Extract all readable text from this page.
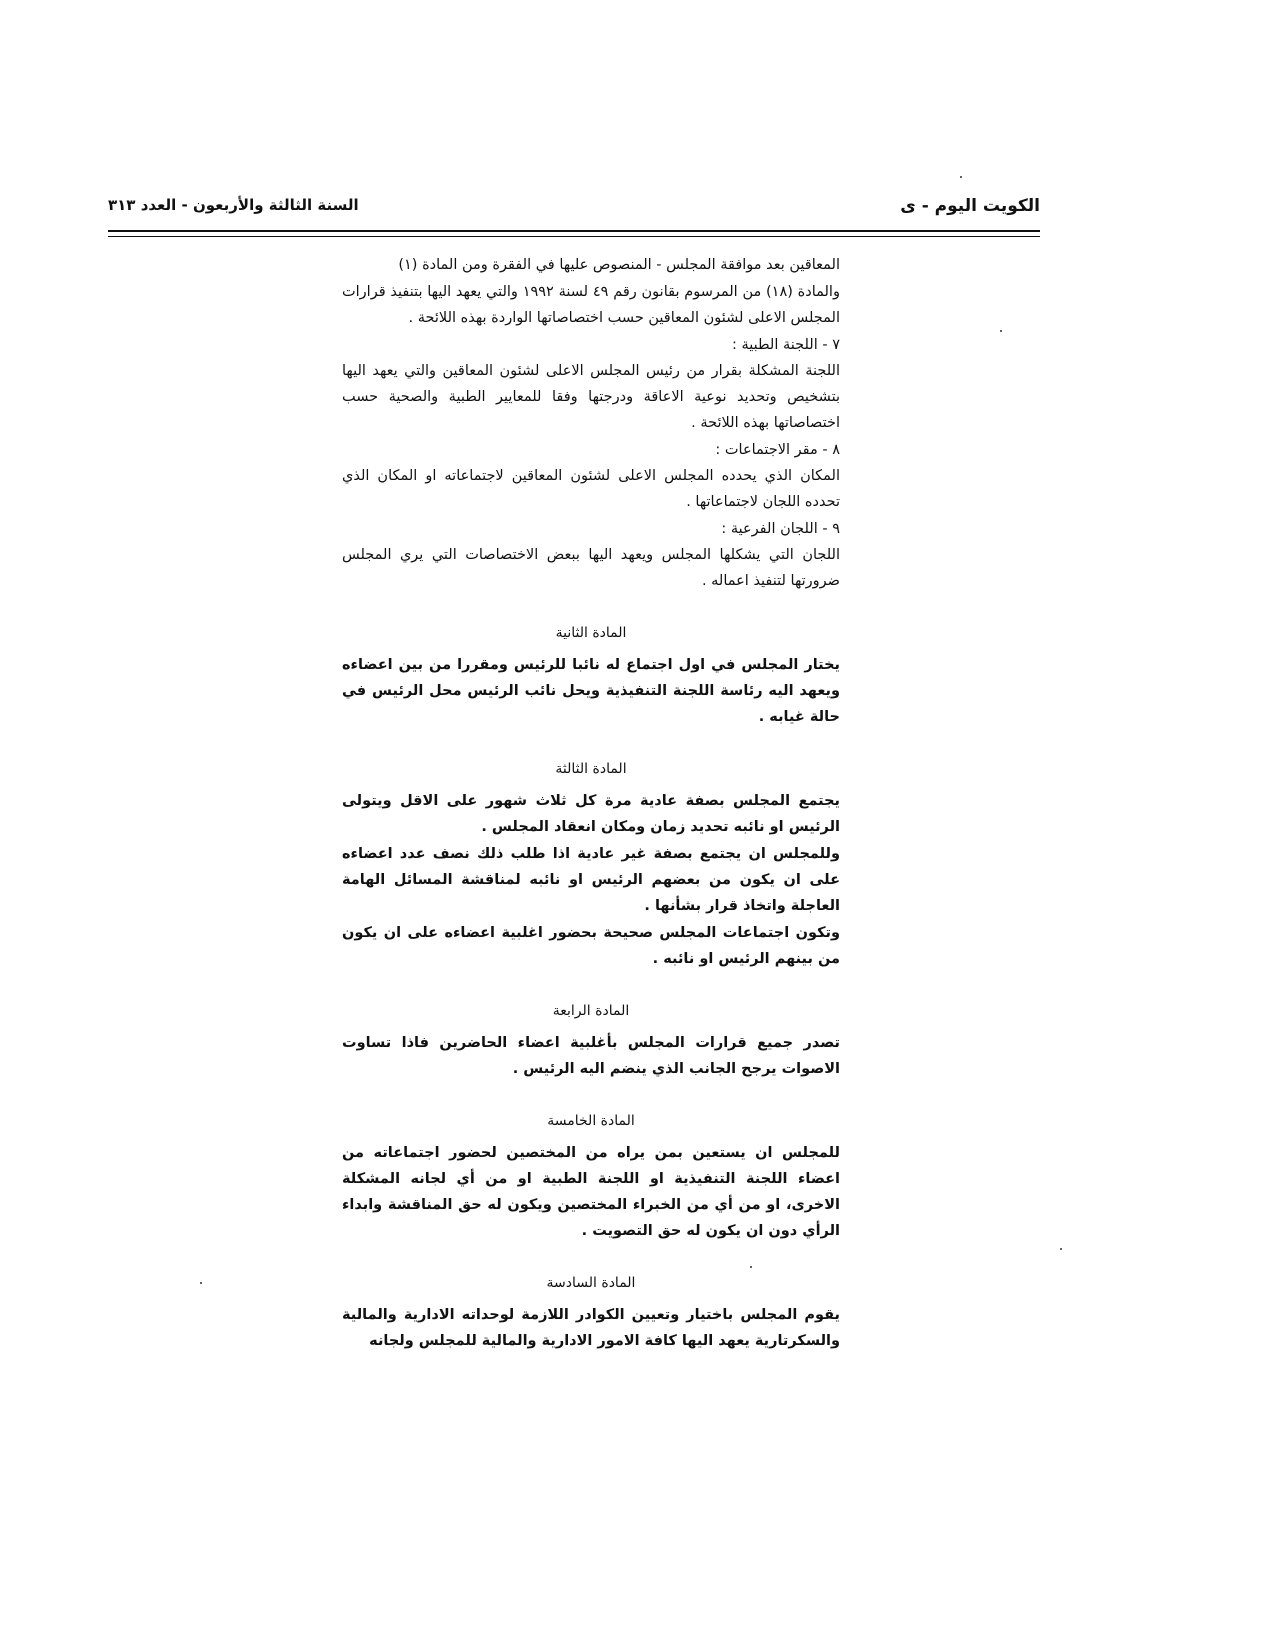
الكويت اليوم - ى
السنة الثالثة والأربعون - العدد ٣١٣

المعاقين بعد موافقة المجلس - المنصوص عليها في الفقرة ومن المادة (١)

والمادة (١٨) من المرسوم بقانون رقم ٤٩ لسنة ١٩٩٢ والتي يعهد اليها بتنفيذ قرارات المجلس الاعلى لشئون المعاقين حسب اختصاصاتها الواردة بهذه اللائحة .

٧ - اللجنة الطبية :

اللجنة المشكلة بقرار من رئيس المجلس الاعلى لشئون المعاقين والتي يعهد اليها بتشخيص وتحديد نوعية الاعاقة ودرجتها وفقا للمعايير الطبية والصحية حسب اختصاصاتها بهذه اللائحة .

٨ - مقر الاجتماعات :

المكان الذي يحدده المجلس الاعلى لشئون المعاقين لاجتماعاته او المكان الذي تحدده اللجان لاجتماعاتها .

٩ - اللجان الفرعية :

اللجان التي يشكلها المجلس ويعهد اليها ببعض الاختصاصات التي يري المجلس ضرورتها لتنفيذ اعماله .

المادة الثانية

يختار المجلس في اول اجتماع له نائبا للرئيس ومقررا من بين اعضاءه ويعهد اليه رئاسة اللجنة التنفيذية ويحل نائب الرئيس محل الرئيس في حالة غيابه .

المادة الثالثة

يجتمع المجلس بصفة عادية مرة كل ثلاث شهور على الاقل ويتولى الرئيس او نائبه تحديد زمان ومكان انعقاد المجلس .

وللمجلس ان يجتمع بصفة غير عادية اذا طلب ذلك نصف عدد اعضاءه على ان يكون من بعضهم الرئيس او نائبه لمناقشة المسائل الهامة العاجلة واتخاذ قرار بشأنها .

وتكون اجتماعات المجلس صحيحة بحضور اغلبية اعضاءه على ان يكون من بينهم الرئيس او نائبه .

المادة الرابعة

تصدر جميع قرارات المجلس بأغلبية اعضاء الحاضرين فاذا تساوت الاصوات يرجح الجانب الذي ينضم اليه الرئيس .

المادة الخامسة

للمجلس ان يستعين بمن يراه من المختصين لحضور اجتماعاته من اعضاء اللجنة التنفيذية او اللجنة الطبية او من أي لجانه المشكلة الاخرى، او من أي من الخبراء المختصين ويكون له حق المناقشة وابداء الرأي دون ان يكون له حق التصويت .

المادة السادسة

يقوم المجلس باختيار وتعيين الكوادر اللازمة لوحداته الادارية والمالية والسكرتارية يعهد اليها كافة الامور الادارية والمالية للمجلس ولجانه
